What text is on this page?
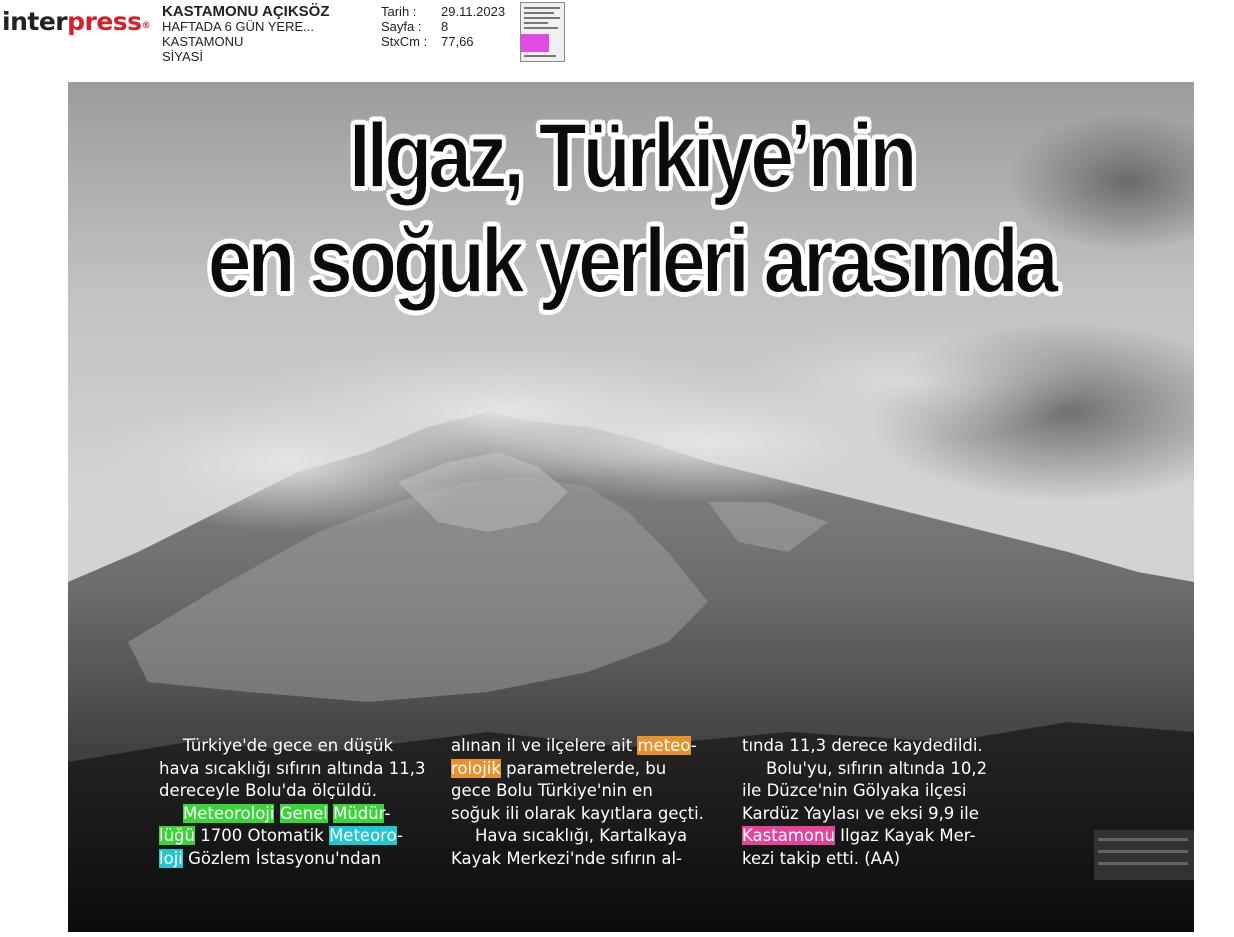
interpress®
KASTAMONU AÇIKSÖZ
HAFTADA 6 GÜN YERE...
KASTAMONU
SİYASİ
Tarih :	29.11.2023
Sayfa :	8
StxCm :	77,66
Ilgaz, Türkiye’nin
en soğuk yerleri arasında

Türkiye'de gece en düşük

hava sıcaklığı sıfırın altında 11,3

dereceyle Bolu'da ölçüldü.

Meteoroloji Genel Müdür-

lüğü 1700 Otomatik Meteoro-

loji Gözlem İstasyonu'ndan

alınan il ve ilçelere ait meteo-

rolojik parametrelerde, bu

gece Bolu Türkiye'nin en

soğuk ili olarak kayıtlara geçti.

Hava sıcaklığı, Kartalkaya

Kayak Merkezi'nde sıfırın al-

tında 11,3 derece kaydedildi.

Bolu'yu, sıfırın altında 10,2

ile Düzce'nin Gölyaka ilçesi

Kardüz Yaylası ve eksi 9,9 ile

Kastamonu Ilgaz Kayak Mer-

kezi takip etti. (AA)
